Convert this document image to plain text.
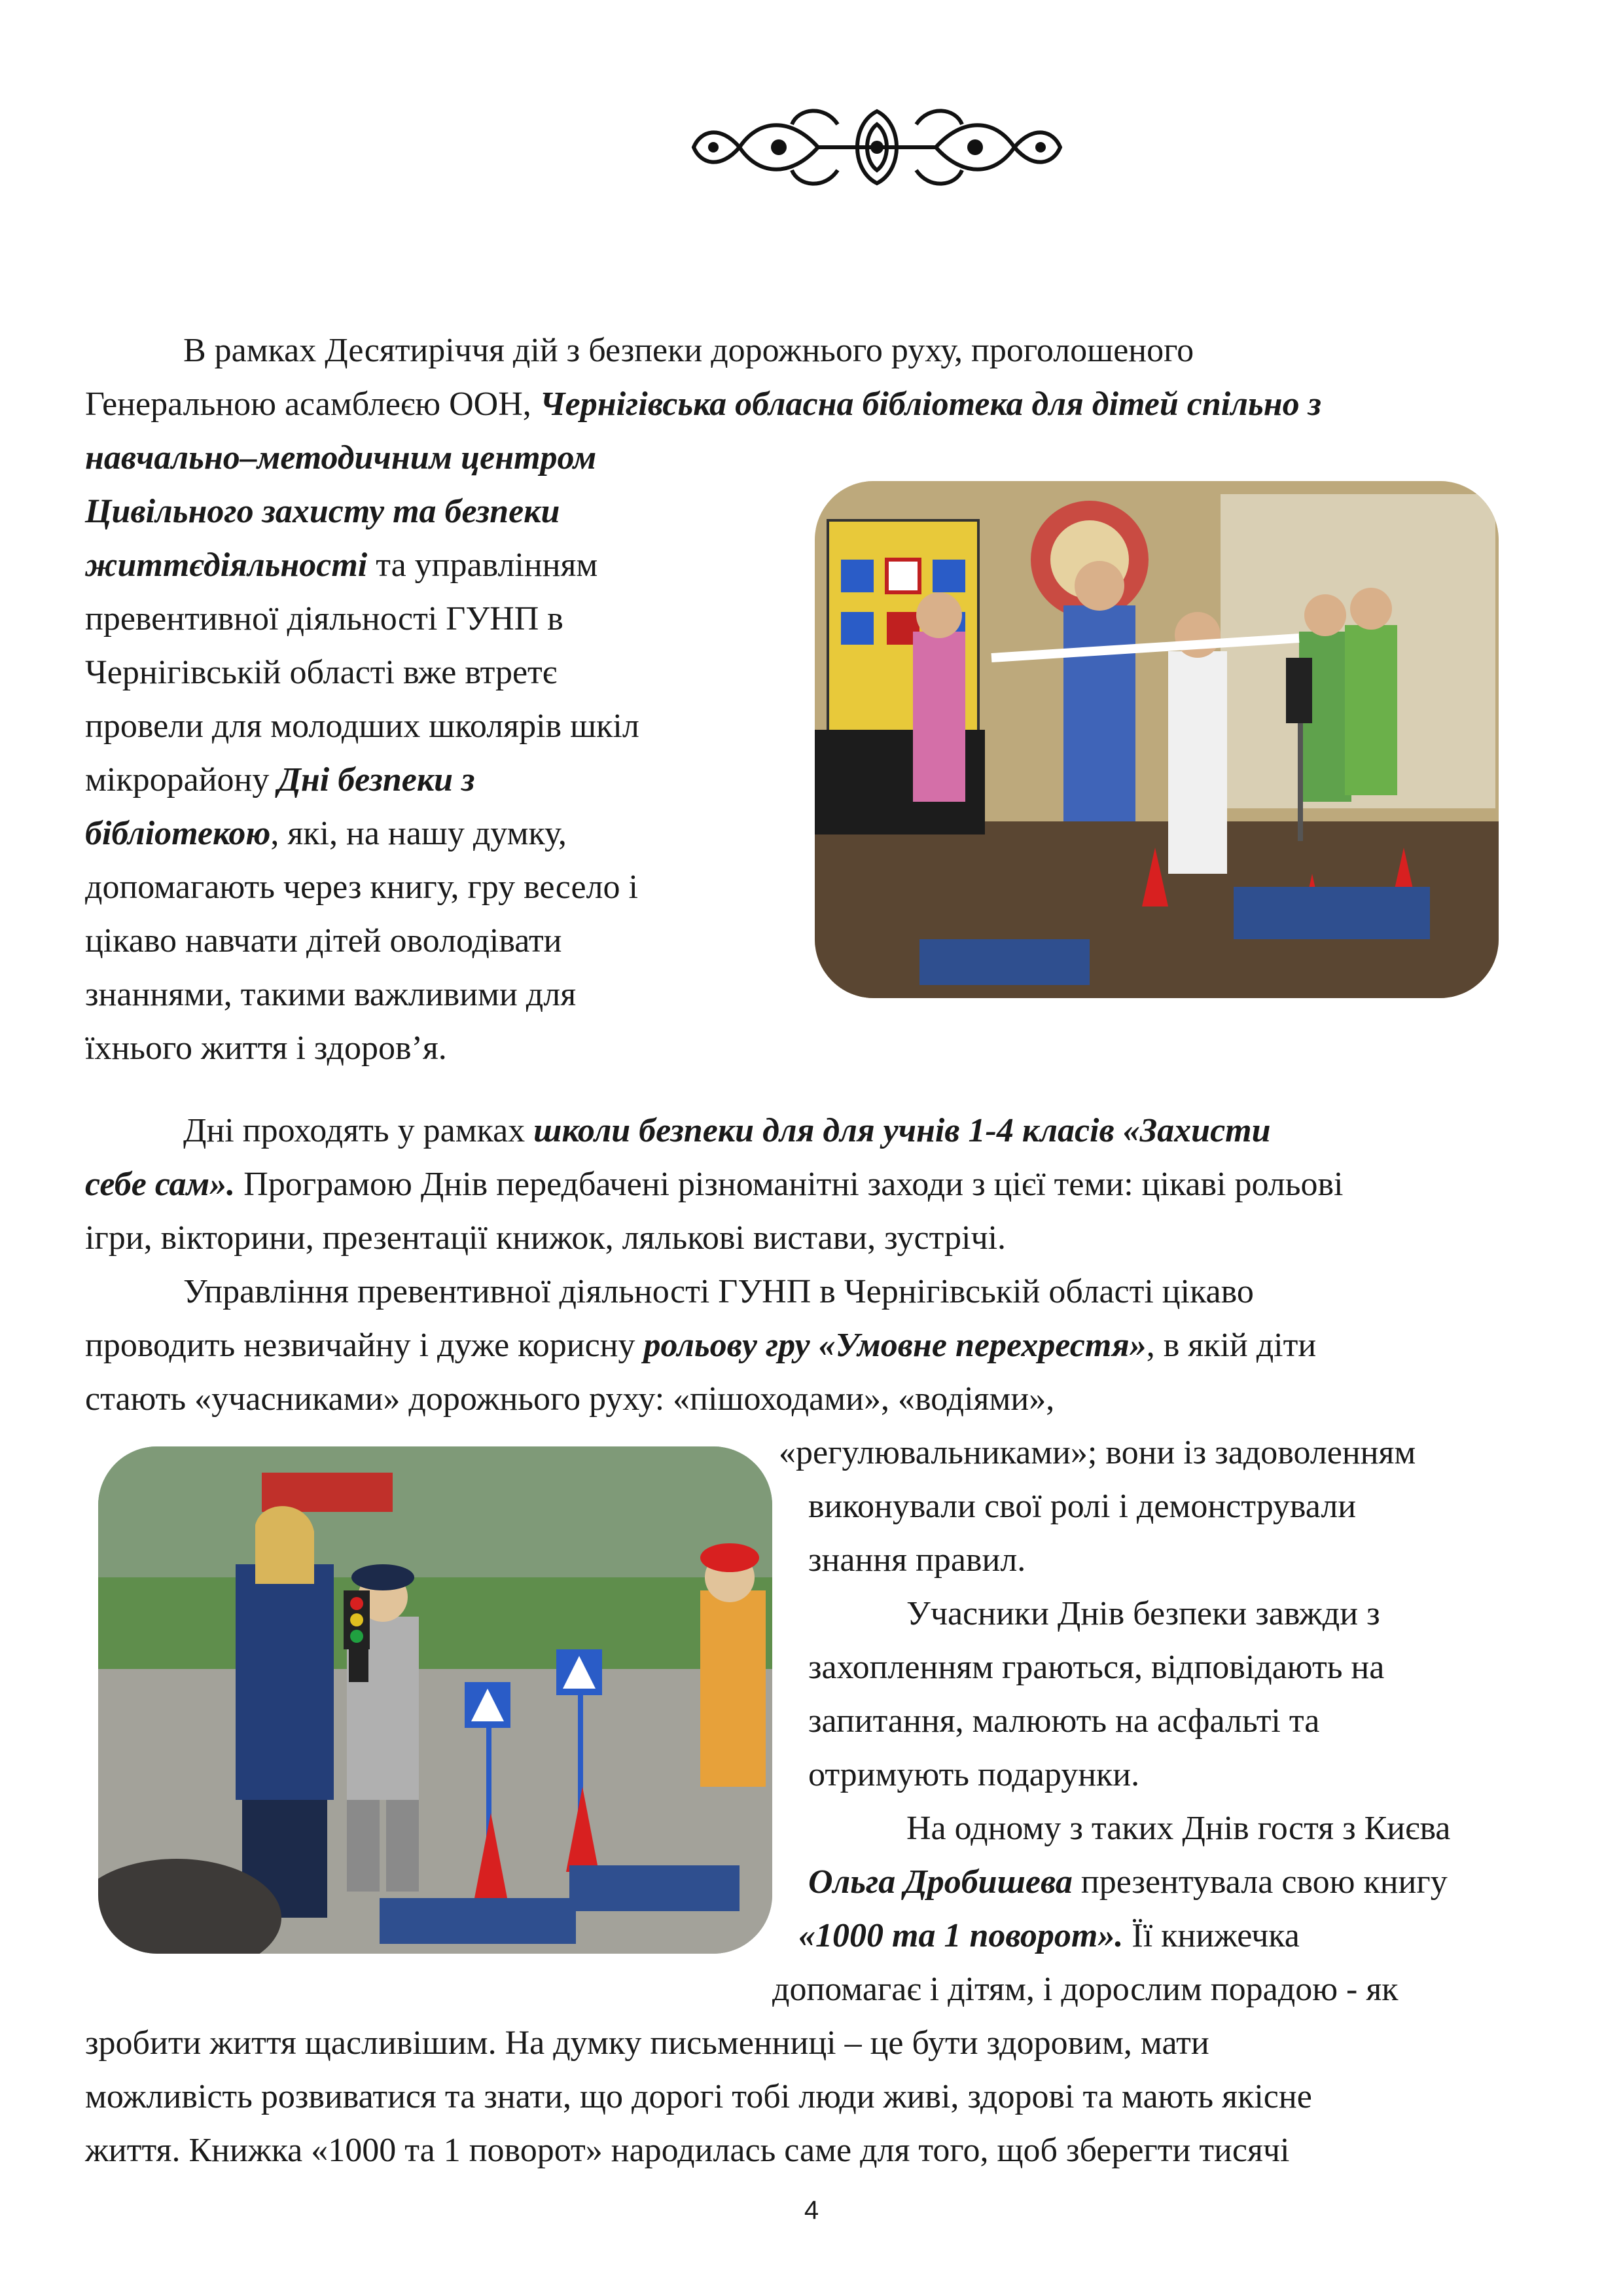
В рамках Десятиріччя дій з безпеки дорожнього руху, проголошеного
Генеральною асамблеєю ООН, Чернігівська обласна бібліотека для дітей спільно з
навчально–методичним центром
Цивільного захисту та безпеки
життєдіяльності та управлінням
превентивної діяльності ГУНП в
Чернігівській області вже втретє
провели для молодших школярів шкіл
мікрорайону Дні безпеки з
бібліотекою, які, на нашу думку,
допомагають через книгу, гру весело і
цікаво навчати дітей оволодівати
знаннями, такими важливими для
їхнього життя і здоров’я.
Дні проходять у рамках школи безпеки для для учнів 1-4 класів «Захисти
себе сам». Програмою Днів передбачені різноманітні заходи з цієї теми: цікаві рольові
ігри, вікторини, презентації книжок, лялькові вистави, зустрічі.
Управління превентивної діяльності ГУНП в Чернігівській області цікаво
проводить незвичайну і дуже корисну рольову гру «Умовне перехрестя», в якій діти
стають «учасниками» дорожнього руху: «пішоходами», «водіями»,
«регулювальниками»; вони із задоволенням
виконували свої ролі і демонстрували
знання правил.
Учасники Днів безпеки завжди з
захопленням граються, відповідають на
запитання, малюють на асфальті та
отримують подарунки.
На одному з таких Днів гостя з Києва
Ольга Дробишева презентувала свою книгу
«1000 та 1 поворот». Її книжечка
допомагає і дітям, і дорослим порадою - як
зробити життя щасливішим. На думку письменниці – це бути здоровим, мати
можливість розвиватися та знати, що дорогі тобі люди живі, здорові та мають якісне
життя. Книжка «1000 та 1 поворот» народилась саме для того, щоб зберегти тисячі
4
